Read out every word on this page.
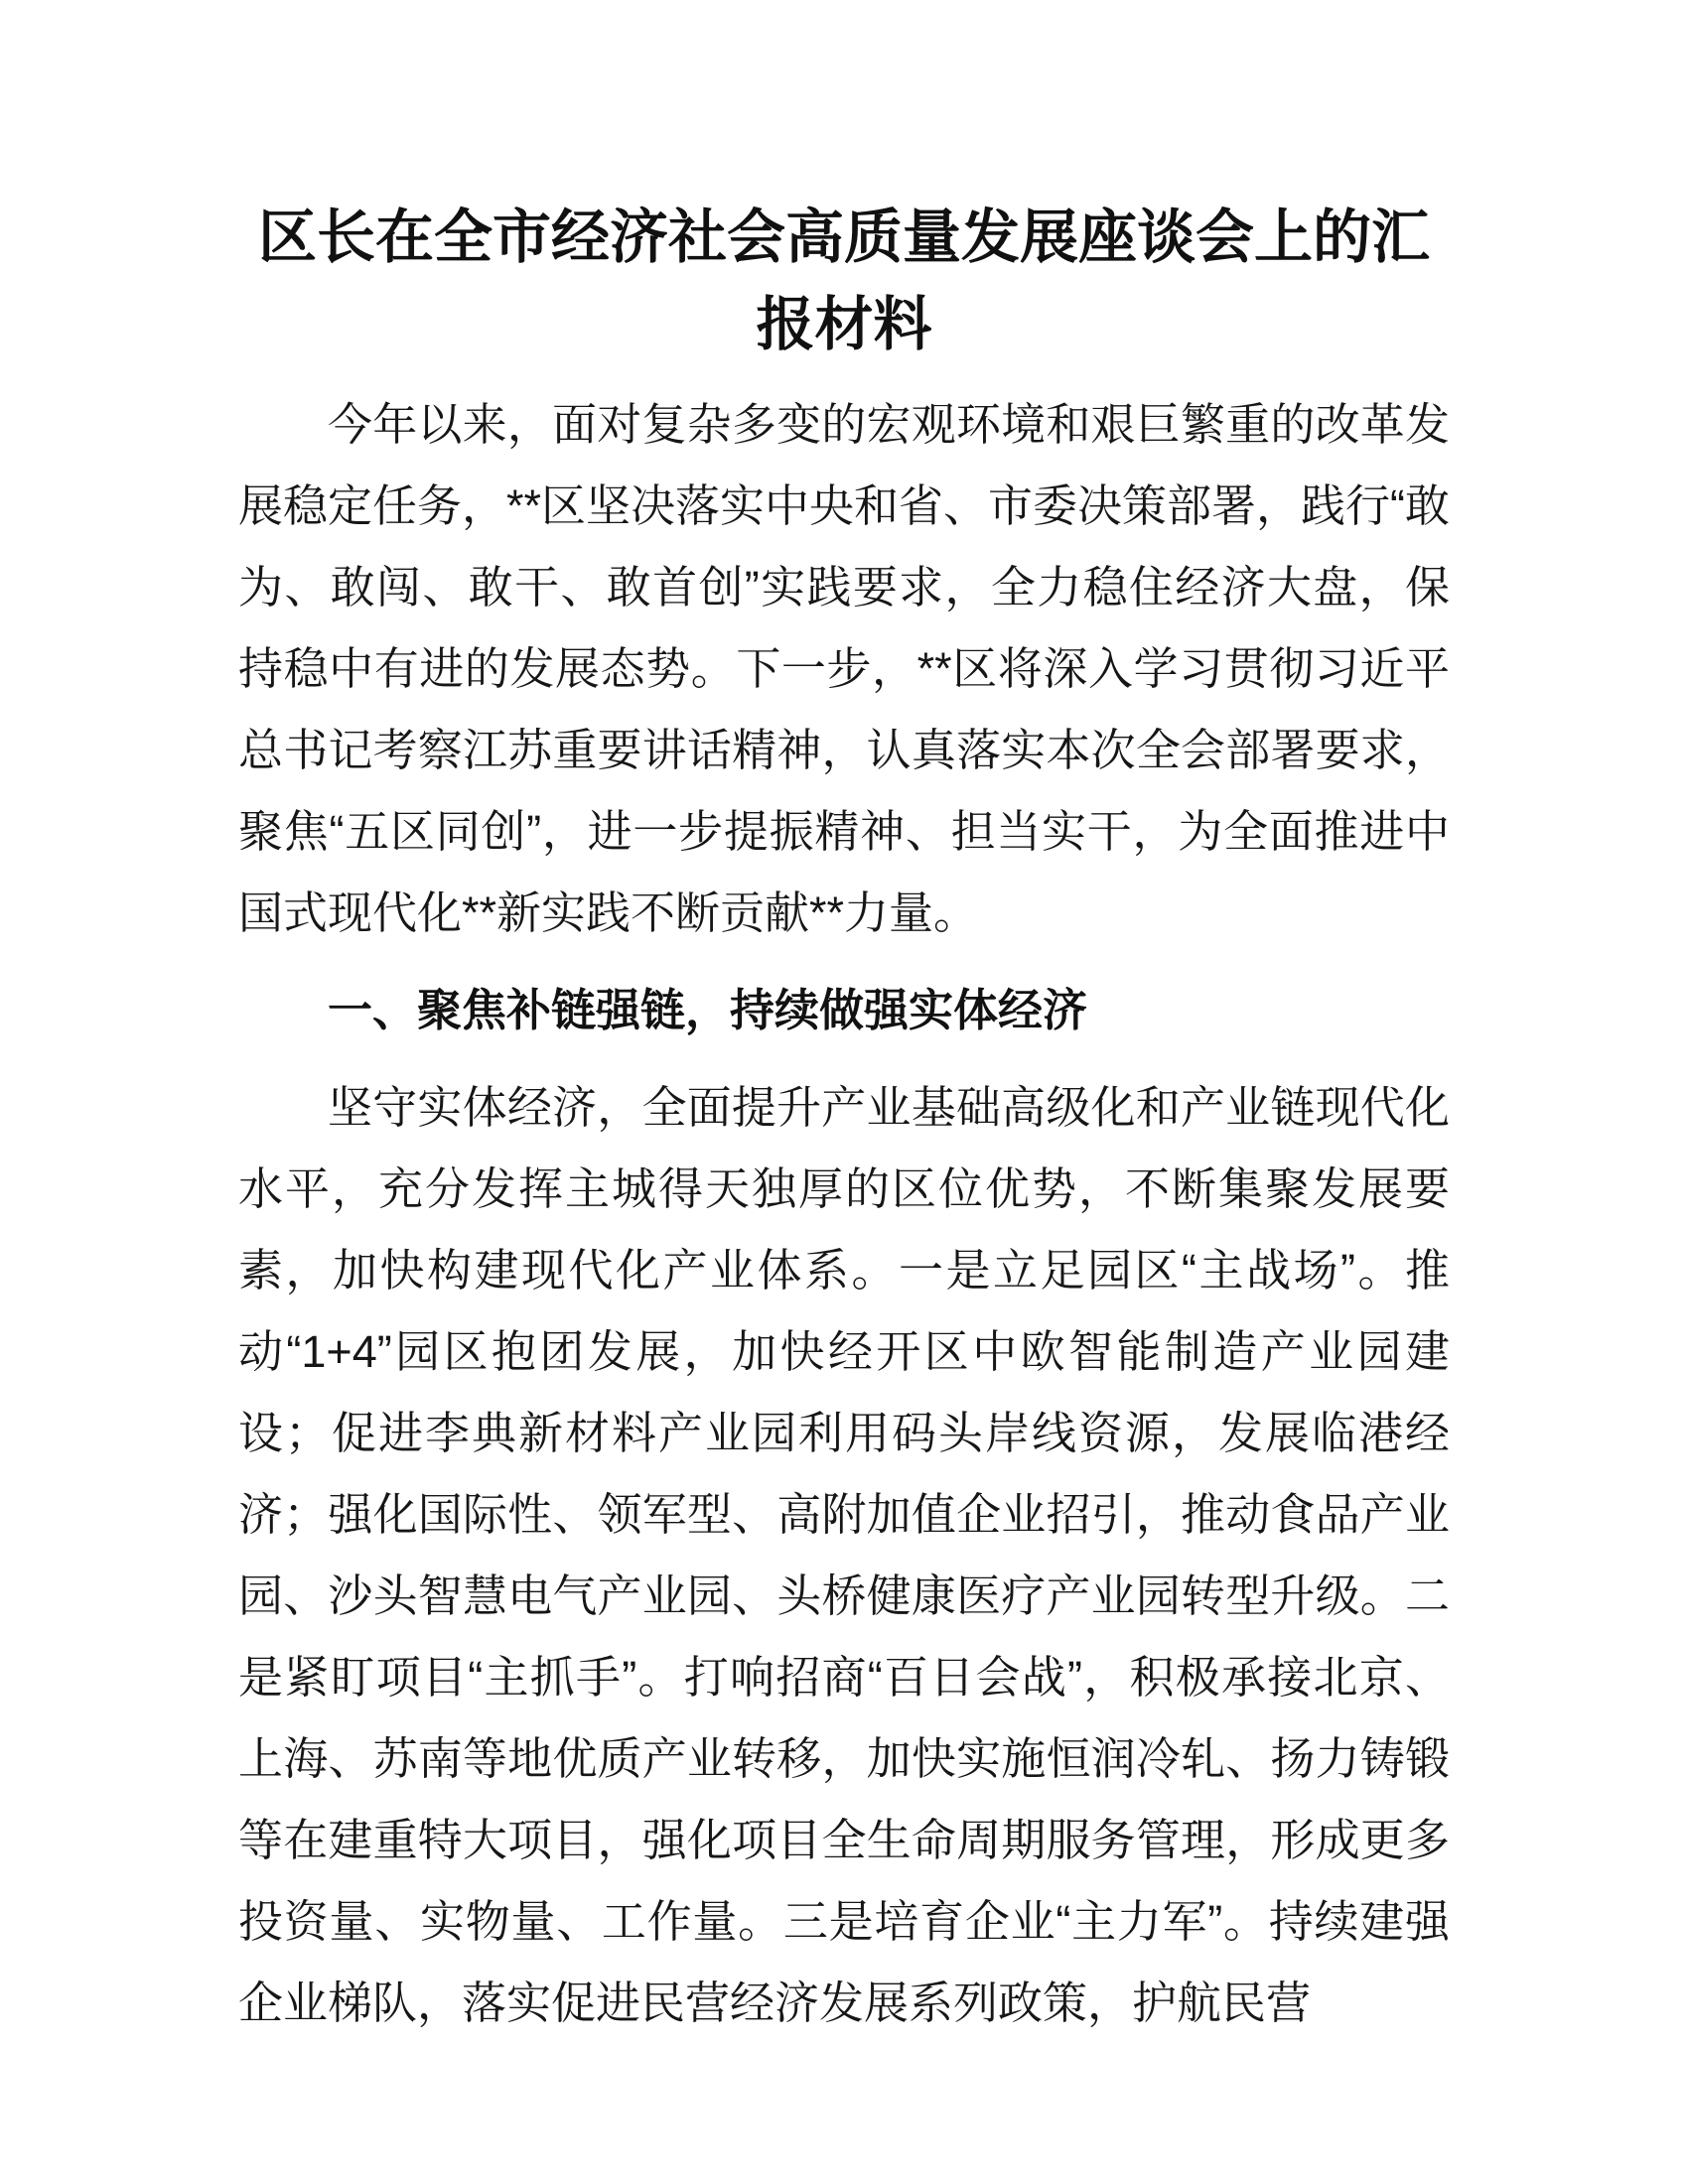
区长在全市经济社会高质量发展座谈会上的汇报材料

今年以来，面对复杂多变的宏观环境和艰巨繁重的改革发展稳定任务，**区坚决落实中央和省、市委决策部署，践行“敢为、敢闯、敢干、敢首创”实践要求，全力稳住经济大盘，保持稳中有进的发展态势。下一步，**区将深入学习贯彻习近平总书记考察江苏重要讲话精神，认真落实本次全会部署要求，聚焦“五区同创”，进一步提振精神、担当实干，为全面推进中国式现代化**新实践不断贡献**力量。

一、聚焦补链强链，持续做强实体经济

坚守实体经济，全面提升产业基础高级化和产业链现代化水平，充分发挥主城得天独厚的区位优势，不断集聚发展要素，加快构建现代化产业体系。一是立足园区“主战场”。推动“1+4”园区抱团发展，加快经开区中欧智能制造产业园建设；促进李典新材料产业园利用码头岸线资源，发展临港经济；强化国际性、领军型、高附加值企业招引，推动食品产业园、沙头智慧电气产业园、头桥健康医疗产业园转型升级。二是紧盯项目“主抓手”。打响招商“百日会战”，积极承接北京、上海、苏南等地优质产业转移，加快实施恒润冷轧、扬力铸锻等在建重特大项目，强化项目全生命周期服务管理，形成更多投资量、实物量、工作量。三是培育企业“主力军”。持续建强企业梯队，落实促进民营经济发展系列政策，护航民营
